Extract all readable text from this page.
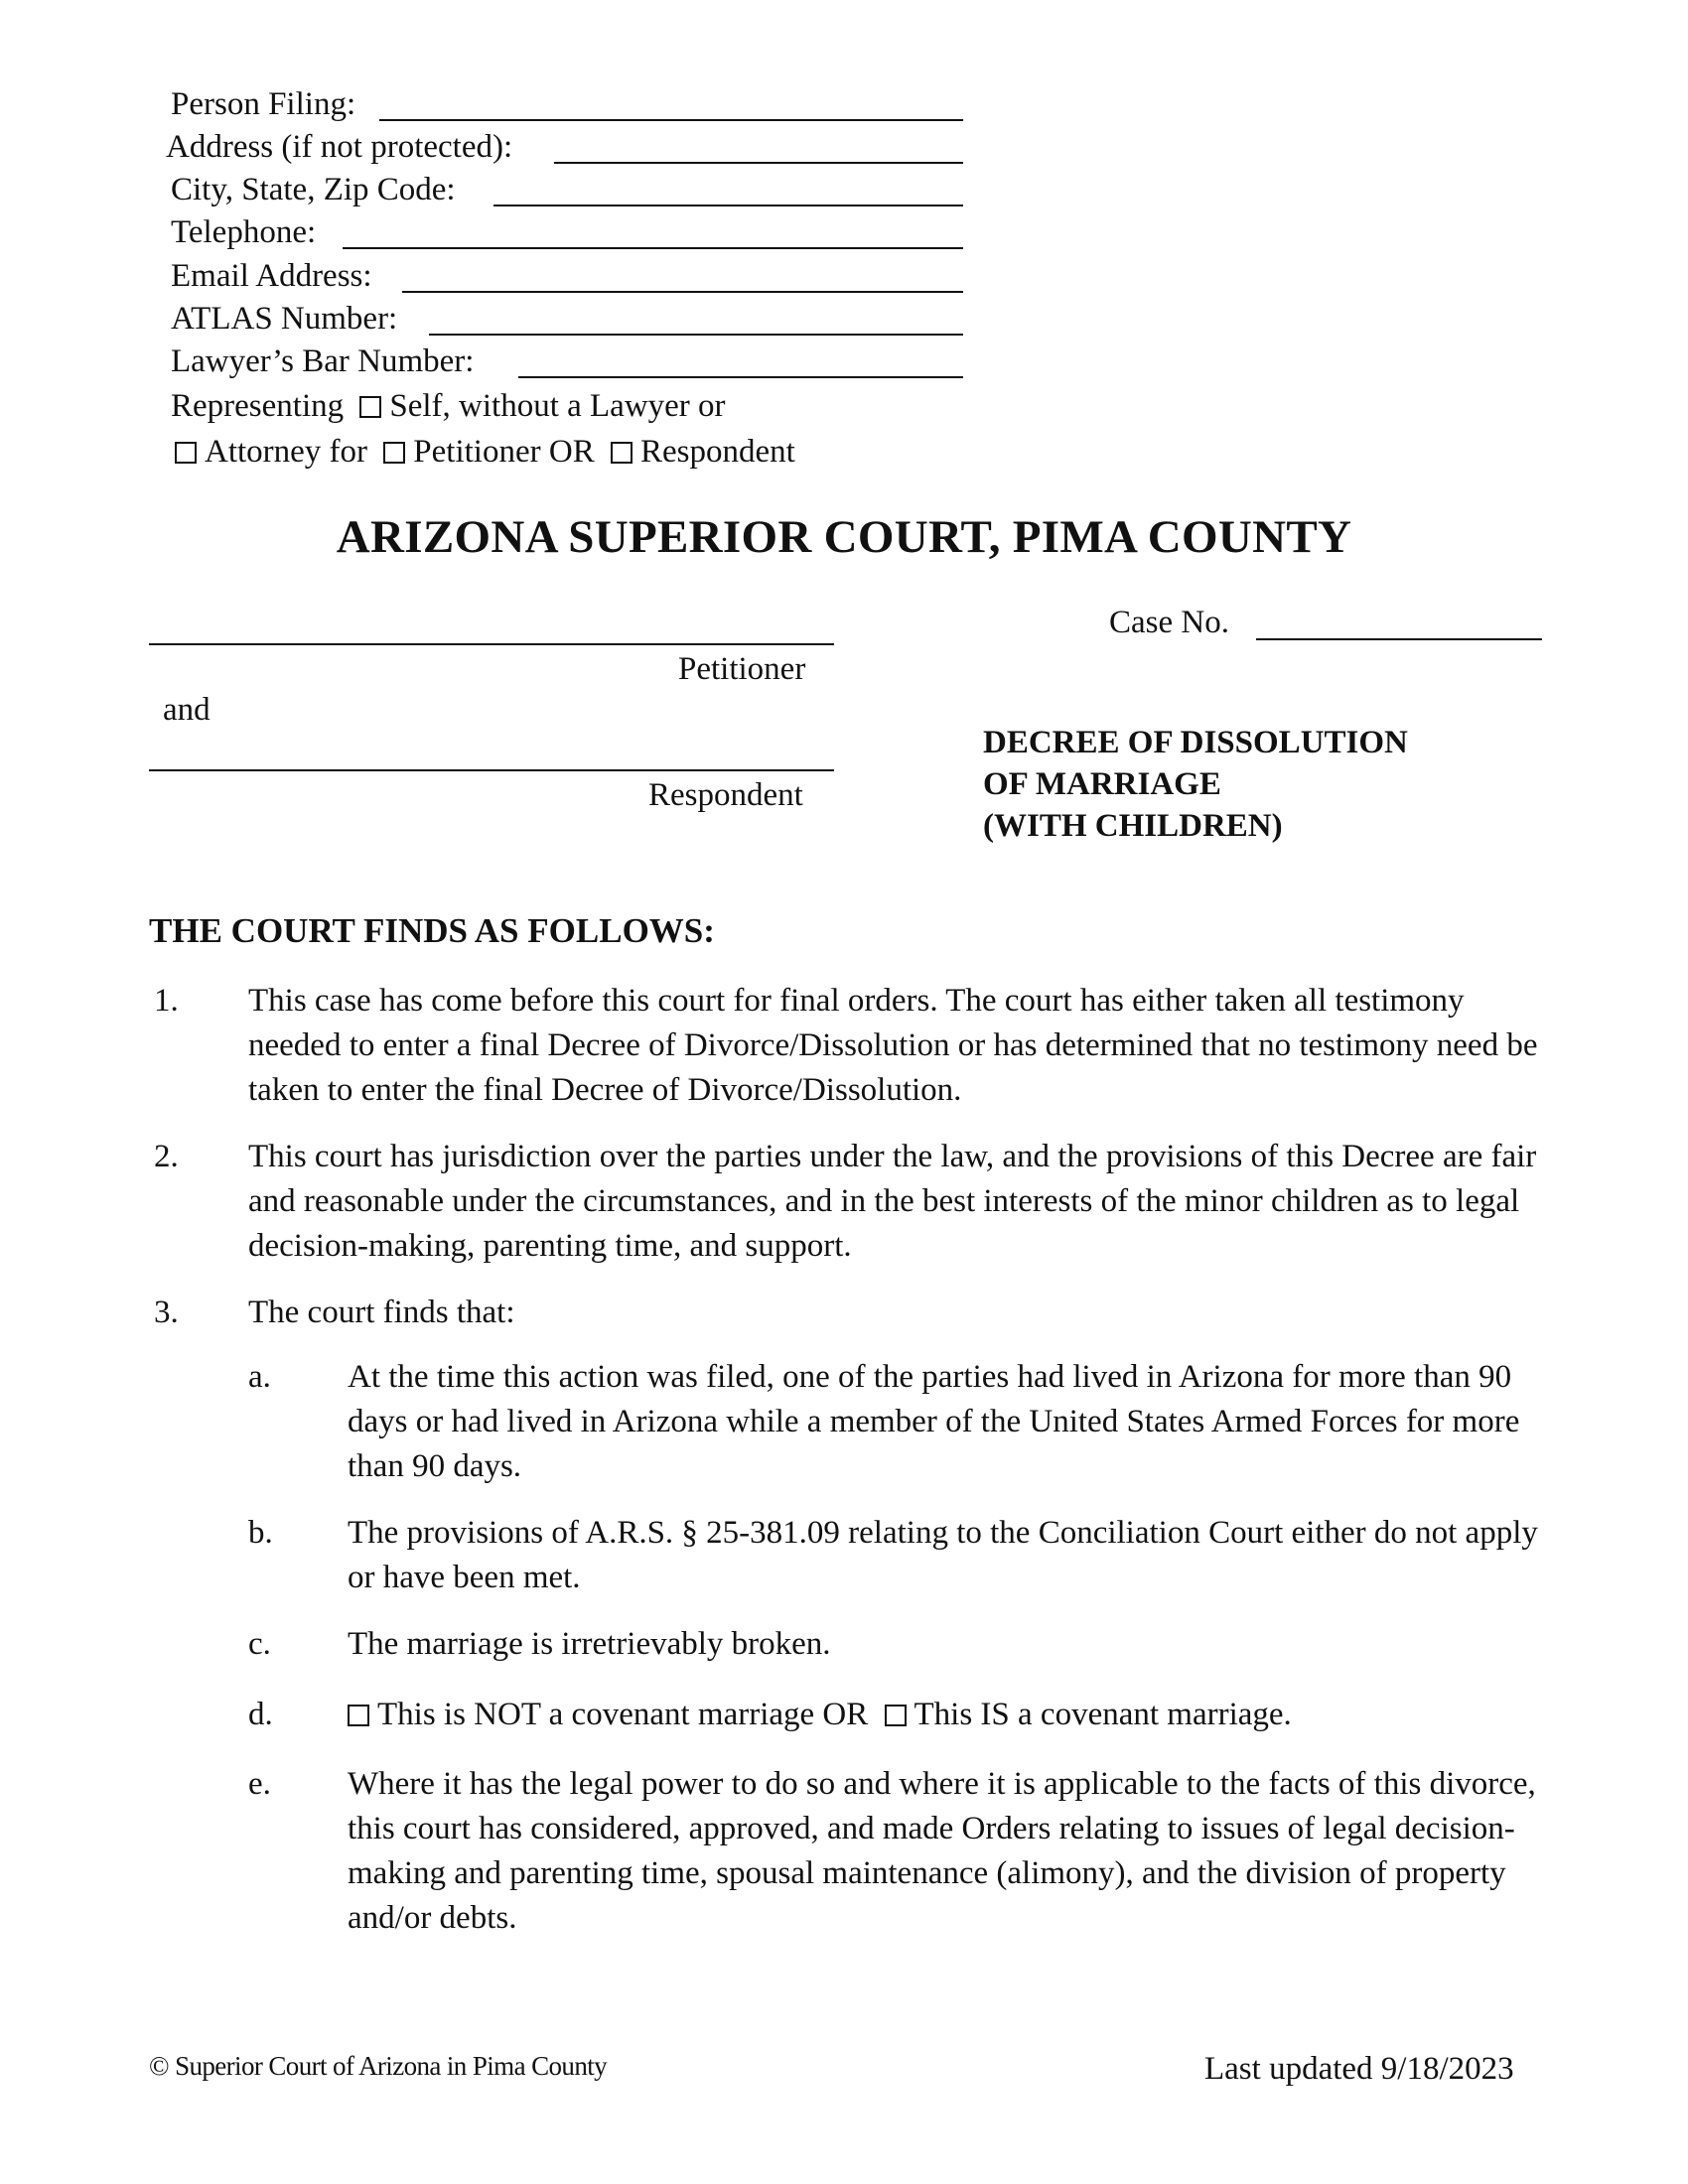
Person Filing:
Address (if not protected):
City, State, Zip Code:
Telephone:
Email Address:
ATLAS Number:
Lawyer’s Bar Number:
Representing Self, without a Lawyer or
Attorney for Petitioner OR Respondent
ARIZONA SUPERIOR COURT, PIMA COUNTY
Petitioner
and
Respondent
Case No.
DECREE OF DISSOLUTION
OF MARRIAGE
(WITH CHILDREN)
THE COURT FINDS AS FOLLOWS:
1. This case has come before this court for final orders. The court has either taken all testimony needed to enter a final Decree of Divorce/Dissolution or has determined that no testimony need be taken to enter the final Decree of Divorce/Dissolution.
2. This court has jurisdiction over the parties under the law, and the provisions of this Decree are fair and reasonable under the circumstances, and in the best interests of the minor children as to legal decision-making, parenting time, and support.
3. The court finds that:
a. At the time this action was filed, one of the parties had lived in Arizona for more than 90 days or had lived in Arizona while a member of the United States Armed Forces for more than 90 days.
b. The provisions of A.R.S. § 25-381.09 relating to the Conciliation Court either do not apply or have been met.
c. The marriage is irretrievably broken.
d.	This is NOT a covenant marriage OR This IS a covenant marriage.
e. Where it has the legal power to do so and where it is applicable to the facts of this divorce, this court has considered, approved, and made Orders relating to issues of legal decision-making and parenting time, spousal maintenance (alimony), and the division of property and/or debts.
© Superior Court of Arizona in Pima County	Last updated 9/18/2023
